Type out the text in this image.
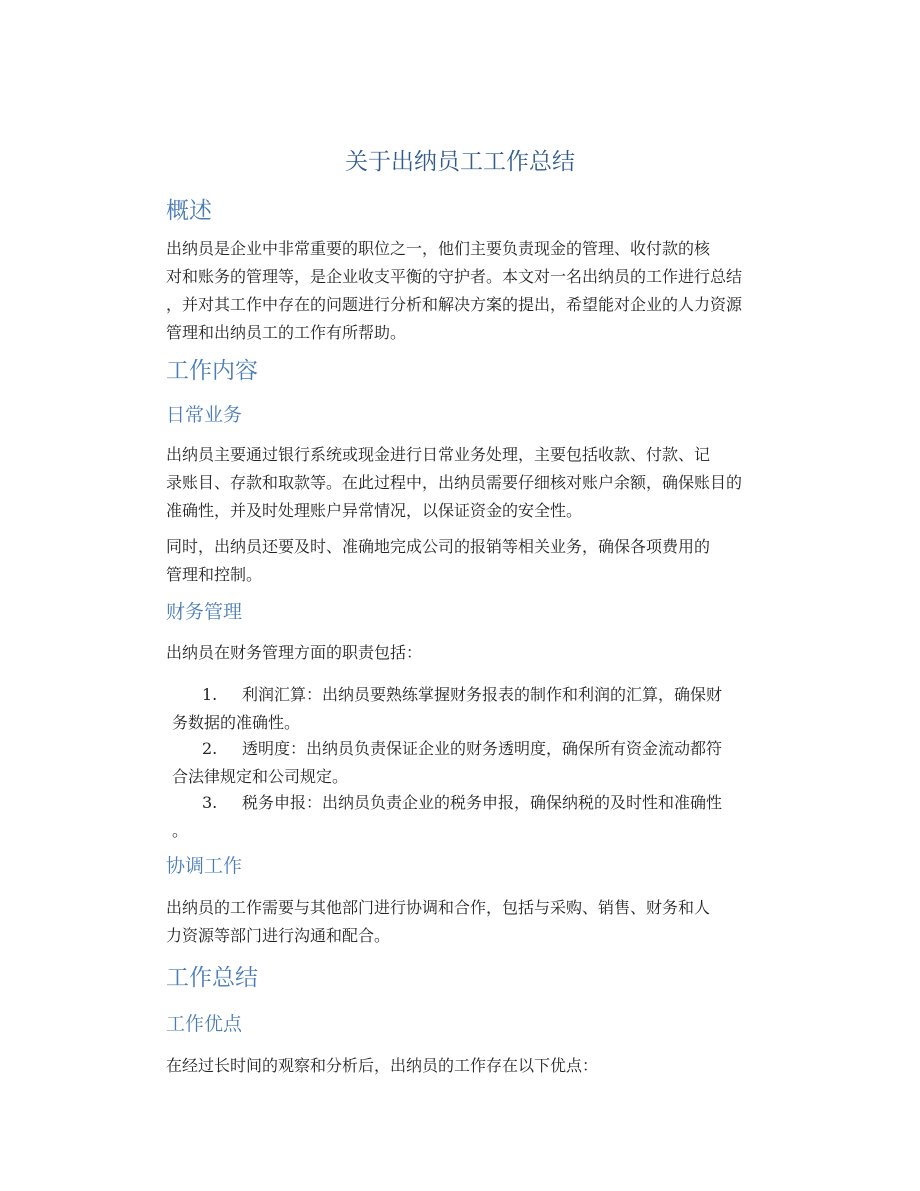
关于出纳员工工作总结
概述
出纳员是企业中非常重要的职位之一，他们主要负责现金的管理、收付款的核
对和账务的管理等，是企业收支平衡的守护者。本文对一名出纳员的工作进行总结
，并对其工作中存在的问题进行分析和解决方案的提出，希望能对企业的人力资源
管理和出纳员工的工作有所帮助。
工作内容
日常业务
出纳员主要通过银行系统或现金进行日常业务处理，主要包括收款、付款、记
录账目、存款和取款等。在此过程中，出纳员需要仔细核对账户余额，确保账目的
准确性，并及时处理账户异常情况，以保证资金的安全性。
同时，出纳员还要及时、准确地完成公司的报销等相关业务，确保各项费用的
管理和控制。
财务管理
出纳员在财务管理方面的职责包括：
1. 利润汇算：出纳员要熟练掌握财务报表的制作和利润的汇算，确保财
务数据的准确性。
2. 透明度：出纳员负责保证企业的财务透明度，确保所有资金流动都符
合法律规定和公司规定。
3. 税务申报：出纳员负责企业的税务申报，确保纳税的及时性和准确性
。
协调工作
出纳员的工作需要与其他部门进行协调和合作，包括与采购、销售、财务和人
力资源等部门进行沟通和配合。
工作总结
工作优点
在经过长时间的观察和分析后，出纳员的工作存在以下优点：
